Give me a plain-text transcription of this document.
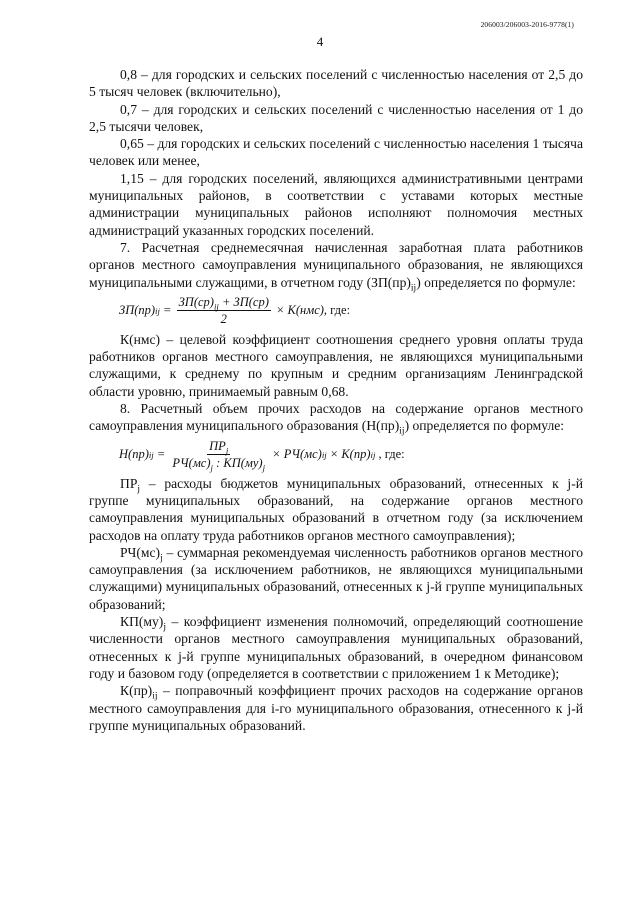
206003/206003-2016-9778(1)
4

0,8 – для городских и сельских поселений с численностью населения от 2,5 до 5 тысяч человек (включительно),

0,7 – для городских и сельских поселений с численностью населения от 1 до 2,5 тысячи человек,

0,65 – для городских и сельских поселений с численностью населения 1 тысяча человек или менее,

1,15 – для городских поселений, являющихся административными центрами муниципальных районов, в соответствии с уставами которых местные администрации муниципальных районов исполняют полномочия местных администраций указанных городских поселений.

7. Расчетная среднемесячная начисленная заработная плата работников органов местного самоуправления муниципального образования, не являющихся муниципальными служащими, в отчетном году $(ЗП(пр)_{ij})$ определяется по формуле:

ЗП(пр) ij = $\frac{ЗП(ср)_{ij} + ЗП(ср)}{2} \times К(нмс)$ , где:

К(нмс) – целевой коэффициент соотношения среднего уровня оплаты труда работников органов местного самоуправления, не являющихся муниципальными служащими, к среднему по крупным и средним организациям Ленинградской области уровню, принимаемый равным 0,68.

8. Расчетный объем прочих расходов на содержание органов местного самоуправления муниципального образования $(Н(пр)_{ij})$ определяется по формуле:

Н(пр) ij = $\frac{ПР_j}{РЧ(мс)_j : КП(му)_j} \times РЧ(мс)$ ij × К(пр) ij , где:

$ПР_j$ – расходы бюджетов муниципальных образований, отнесенных к j-й группе муниципальных образований, на содержание органов местного самоуправления муниципальных образований в отчетном году (за исключением расходов на оплату труда работников органов местного самоуправления);

$РЧ(мс)_j$ – суммарная рекомендуемая численность работников органов местного самоуправления (за исключением работников, не являющихся муниципальными служащими) муниципальных образований, отнесенных к j-й группе муниципальных образований;

$КП(му)_j$ – коэффициент изменения полномочий, определяющий соотношение численности органов местного самоуправления муниципальных образований, отнесенных к j-й группе муниципальных образований, в очередном финансовом году и базовом году (определяется в соответствии с приложением 1 к Методике);

$К(пр)_{ij}$ – поправочный коэффициент прочих расходов на содержание органов местного самоуправления для i-го муниципального образования, отнесенного к j-й группе муниципальных образований.
